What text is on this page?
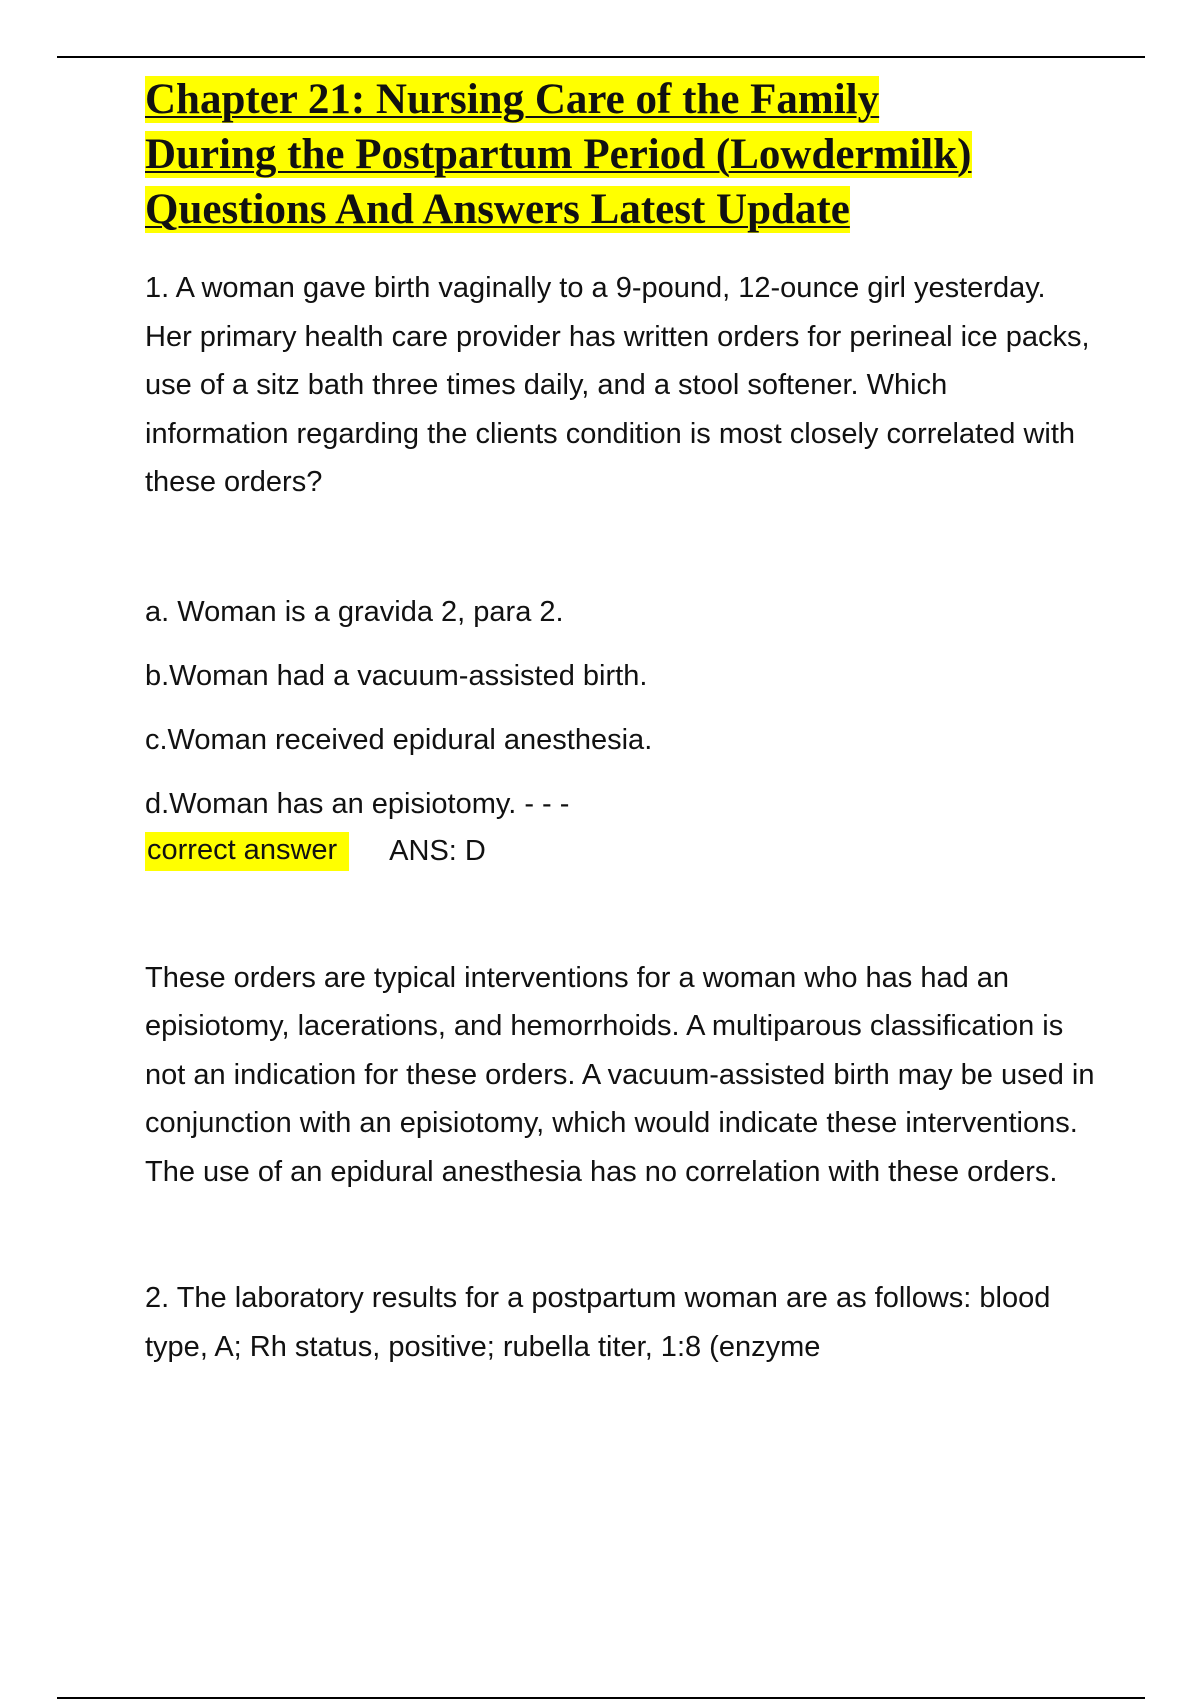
Chapter 21: Nursing Care of the Family
During the Postpartum Period (Lowdermilk)
Questions And Answers Latest Update

1. A woman gave birth vaginally to a 9-pound, 12-ounce girl yesterday. Her primary health care provider has written orders for perineal ice packs, use of a sitz bath three times daily, and a stool softener. Which information regarding the clients condition is most closely correlated with these orders?

a. Woman is a gravida 2, para 2.

b.Woman had a vacuum-assisted birth.

c.Woman received epidural anesthesia.

d.Woman has an episiotomy. - - -

correct answer	ANS: D

These orders are typical interventions for a woman who has had an episiotomy, lacerations, and hemorrhoids. A multiparous classification is not an indication for these orders. A vacuum-assisted birth may be used in conjunction with an episiotomy, which would indicate these interventions. The use of an epidural anesthesia has no correlation with these orders.

2. The laboratory results for a postpartum woman are as follows: blood type, A; Rh status, positive; rubella titer, 1:8 (enzyme
